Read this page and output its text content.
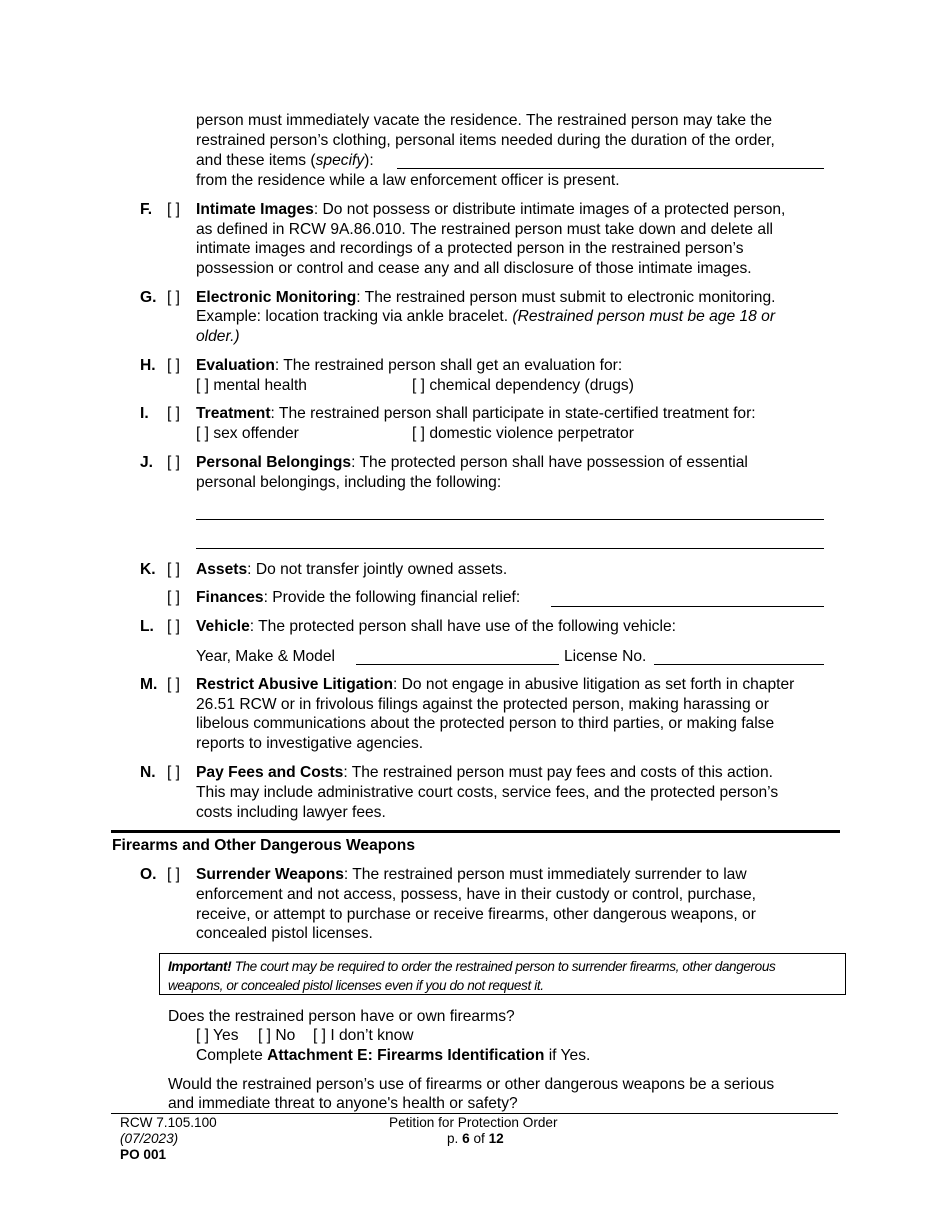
person must immediately vacate the residence. The restrained person may take the
restrained person’s clothing, personal items needed during the duration of the order,
and these items (specify):
from the residence while a law enforcement officer is present.
F. [ ] Intimate Images: Do not possess or distribute intimate images of a protected person,
as defined in RCW 9A.86.010. The restrained person must take down and delete all
intimate images and recordings of a protected person in the restrained person’s
possession or control and cease any and all disclosure of those intimate images.
G. [ ] Electronic Monitoring: The restrained person must submit to electronic monitoring.
Example: location tracking via ankle bracelet. (Restrained person must be age 18 or
older.)
H. [ ] Evaluation: The restrained person shall get an evaluation for:
[ ] mental health	[ ] chemical dependency (drugs)
I. [ ] Treatment: The restrained person shall participate in state-certified treatment for:
[ ] sex offender	[ ] domestic violence perpetrator
J. [ ] Personal Belongings: The protected person shall have possession of essential
personal belongings, including the following:
K. [ ] Assets: Do not transfer jointly owned assets.
[ ] Finances: Provide the following financial relief:
L. [ ] Vehicle: The protected person shall have use of the following vehicle:
Year, Make & Model	License No.
M. [ ] Restrict Abusive Litigation: Do not engage in abusive litigation as set forth in chapter
26.51 RCW or in frivolous filings against the protected person, making harassing or
libelous communications about the protected person to third parties, or making false
reports to investigative agencies.
N. [ ] Pay Fees and Costs: The restrained person must pay fees and costs of this action.
This may include administrative court costs, service fees, and the protected person’s
costs including lawyer fees.
Firearms and Other Dangerous Weapons
O. [ ] Surrender Weapons: The restrained person must immediately surrender to law
enforcement and not access, possess, have in their custody or control, purchase,
receive, or attempt to purchase or receive firearms, other dangerous weapons, or
concealed pistol licenses.
Important! The court may be required to order the restrained person to surrender firearms, other dangerous
weapons, or concealed pistol licenses even if you do not request it.
Does the restrained person have or own firearms?
[ ] Yes [ ] No [ ] I don’t know
Complete Attachment E: Firearms Identification if Yes.
Would the restrained person’s use of firearms or other dangerous weapons be a serious
and immediate threat to anyone's health or safety?
RCW 7.105.100
(07/2023)
PO 001
Petition for Protection Order
p. 6 of 12
